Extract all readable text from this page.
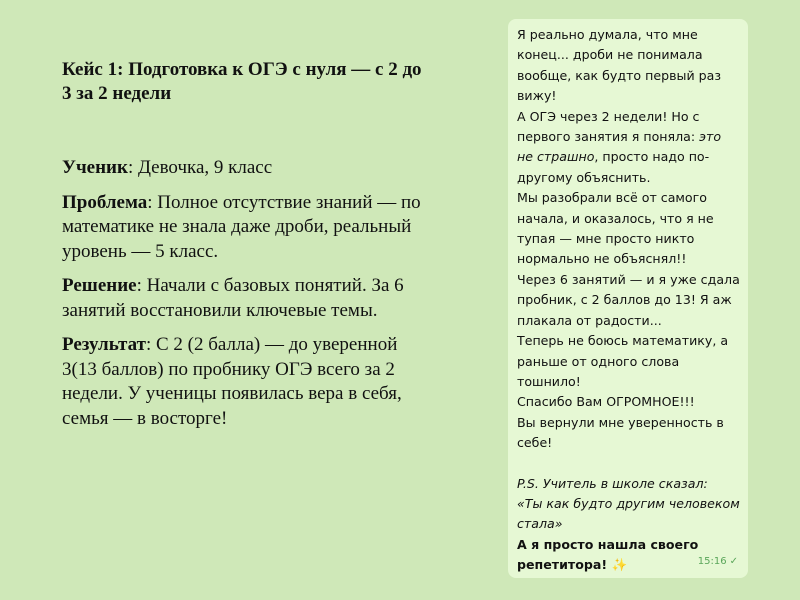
Кейс 1: Подготовка к ОГЭ с нуля — с 2 до 3 за 2 недели

Ученик: Девочка, 9 класс

Проблема: Полное отсутствие знаний — по математике не знала даже дроби, реальный уровень — 5 класс.

Решение: Начали с базовых понятий. За 6 занятий восстановили ключевые темы.

Результат: С 2 (2 балла) — до уверенной 3(13 баллов) по пробнику ОГЭ всего за 2 недели. У ученицы появилась вера в себя, семья — в восторге!

Я реально думала, что мне конец... дроби не понимала вообще, как будто первый раз вижу!

А ОГЭ через 2 недели! Но с первого занятия я поняла: это не страшно, просто надо по-другому объяснить.

Мы разобрали всё от самого начала, и оказалось, что я не тупая — мне просто никто нормально не объяснял!!

Через 6 занятий — и я уже сдала пробник, с 2 баллов до 13! Я аж плакала от радости...

Теперь не боюсь математику, а раньше от одного слова тошнило!

Спасибо Вам ОГРОМНОЕ!!!

Вы вернули мне уверенность в себе!

P.S. Учитель в школе сказал:

«Ты как будто другим человеком стала»

А я просто нашла своего репетитора! ✨	15:16 ✓
